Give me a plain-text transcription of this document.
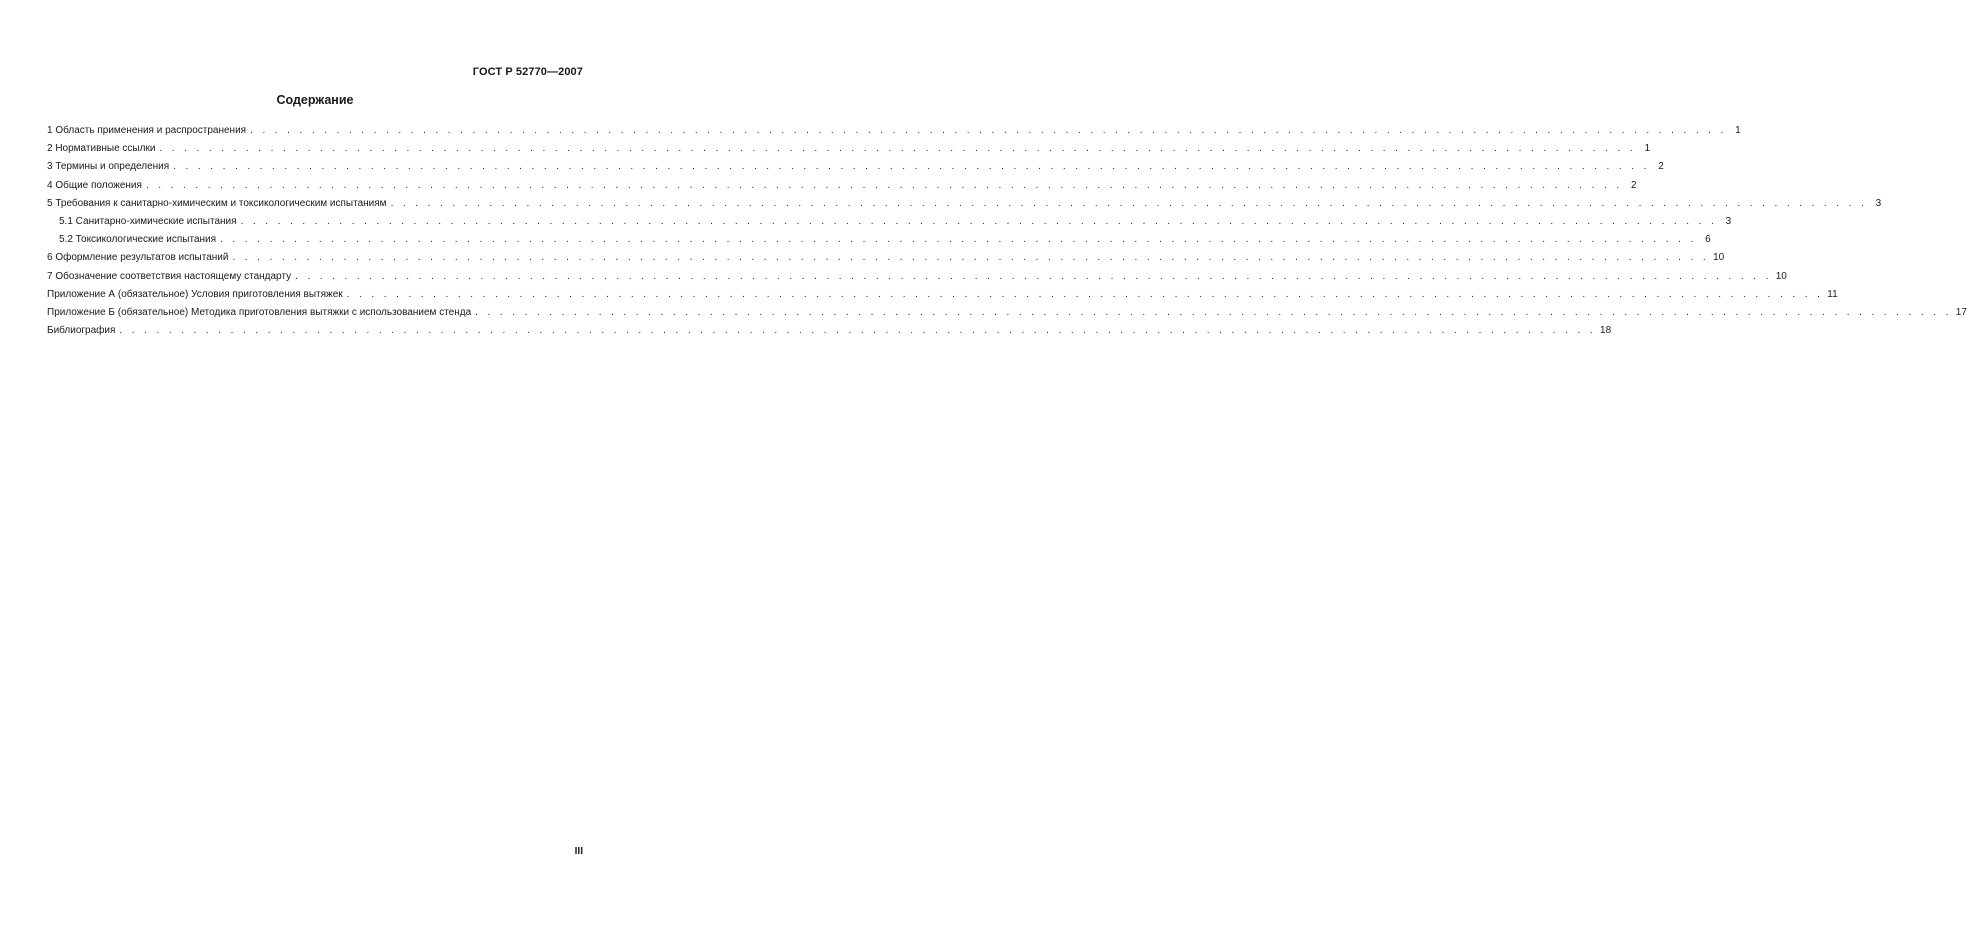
ГОСТ Р 52770—2007
Содержание
1 Область применения и распространения . . . . . . . . . . . . . . . . . . . . . . . . . . . . . . . . . . . . . . . . . . . . . . . . . . . . . . . . . . . . . . . . . . . . . . . . . . . . . . . . . . . . . . . . . . . . . . . . . . . . . . . . . . . . . . . . . . . . . . . . 1
2 Нормативные ссылки . . . . . . . . . . . . . . . . . . . . . . . . . . . . . . . . . . . . . . . . . . . . . . . . . . . . . . . . . . . . . . . . . . . . . . . . . . . . . . . . . . . . . . . . . . . . . . . . . . . . . . . . . . . . . . . . . . . . . . . . 1
3 Термины и определения . . . . . . . . . . . . . . . . . . . . . . . . . . . . . . . . . . . . . . . . . . . . . . . . . . . . . . . . . . . . . . . . . . . . . . . . . . . . . . . . . . . . . . . . . . . . . . . . . . . . . . . . . . . . . . . . . . . . . . . . 2
4 Общие положения . . . . . . . . . . . . . . . . . . . . . . . . . . . . . . . . . . . . . . . . . . . . . . . . . . . . . . . . . . . . . . . . . . . . . . . . . . . . . . . . . . . . . . . . . . . . . . . . . . . . . . . . . . . . . . . . . . . . . . . . 2
5 Требования к санитарно-химическим и токсикологическим испытаниям . . . . . . . . . . . . . . . . . . . . . . . . . . . . . . . . . . . . . . . . . . . . . . . . . . . . . . . . . . . . . . . . . . . . . . . . . . . . . . . . . . . . . . . . . . . . . . . . . . . . . . . . . . . . . . . . . . . . . . . . 3
5.1 Санитарно-химические испытания . . . . . . . . . . . . . . . . . . . . . . . . . . . . . . . . . . . . . . . . . . . . . . . . . . . . . . . . . . . . . . . . . . . . . . . . . . . . . . . . . . . . . . . . . . . . . . . . . . . . . . . . . . . . . . . . . . . . . . . . 3
5.2 Токсикологические испытания . . . . . . . . . . . . . . . . . . . . . . . . . . . . . . . . . . . . . . . . . . . . . . . . . . . . . . . . . . . . . . . . . . . . . . . . . . . . . . . . . . . . . . . . . . . . . . . . . . . . . . . . . . . . . . . . . . . . . . . . 6
6 Оформление результатов испытаний . . . . . . . . . . . . . . . . . . . . . . . . . . . . . . . . . . . . . . . . . . . . . . . . . . . . . . . . . . . . . . . . . . . . . . . . . . . . . . . . . . . . . . . . . . . . . . . . . . . . . . . . . . . . . . . . . . . . . . . . 10
7 Обозначение соответствия настоящему стандарту . . . . . . . . . . . . . . . . . . . . . . . . . . . . . . . . . . . . . . . . . . . . . . . . . . . . . . . . . . . . . . . . . . . . . . . . . . . . . . . . . . . . . . . . . . . . . . . . . . . . . . . . . . . . . . . . . . . . . . . . 10
Приложение А (обязательное) Условия приготовления вытяжек . . . . . . . . . . . . . . . . . . . . . . . . . . . . . . . . . . . . . . . . . . . . . . . . . . . . . . . . . . . . . . . . . . . . . . . . . . . . . . . . . . . . . . . . . . . . . . . . . . . . . . . . . . . . . . . . . . . . . . . . 11
Приложение Б (обязательное) Методика приготовления вытяжки с использованием стенда . . . . . . . . . . . . . . . . . . . . . . . . . . . . . . . . . . . . . . . . . . . . . . . . . . . . . . . . . . . . . . . . . . . . . . . . . . . . . . . . . . . . . . . . . . . . . . . . . . . . . . . . . . . . . . . . . . . . . . . . 17
Библиография . . . . . . . . . . . . . . . . . . . . . . . . . . . . . . . . . . . . . . . . . . . . . . . . . . . . . . . . . . . . . . . . . . . . . . . . . . . . . . . . . . . . . . . . . . . . . . . . . . . . . . . . . . . . . . . . . . . . . . . . 18
III
